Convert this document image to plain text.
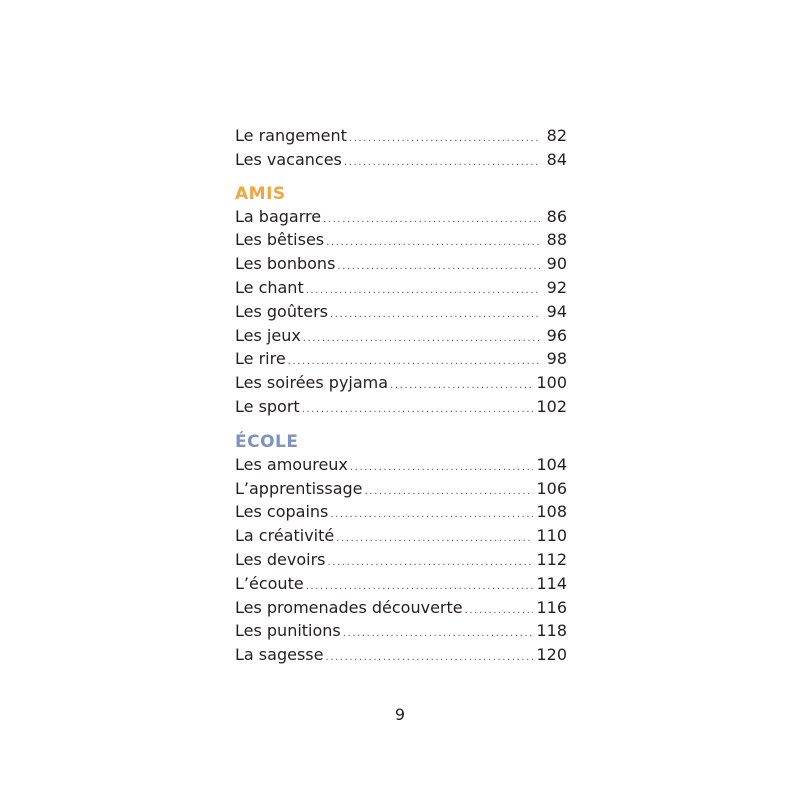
Le rangement .....	82
Les vacances .....	84
AMIS
La bagarre .....	86
Les bêtises .....	88
Les bonbons .....	90
Le chant .....	92
Les goûters .....	94
Les jeux .....	96
Le rire .....	98
Les soirées pyjama .....	100
Le sport .....	102
ÉCOLE
Les amoureux .....	104
L’apprentissage .....	106
Les copains .....	108
La créativité .....	110
Les devoirs .....	112
L’écoute .....	114
Les promenades découverte .....	116
Les punitions .....	118
La sagesse .....	120
9
